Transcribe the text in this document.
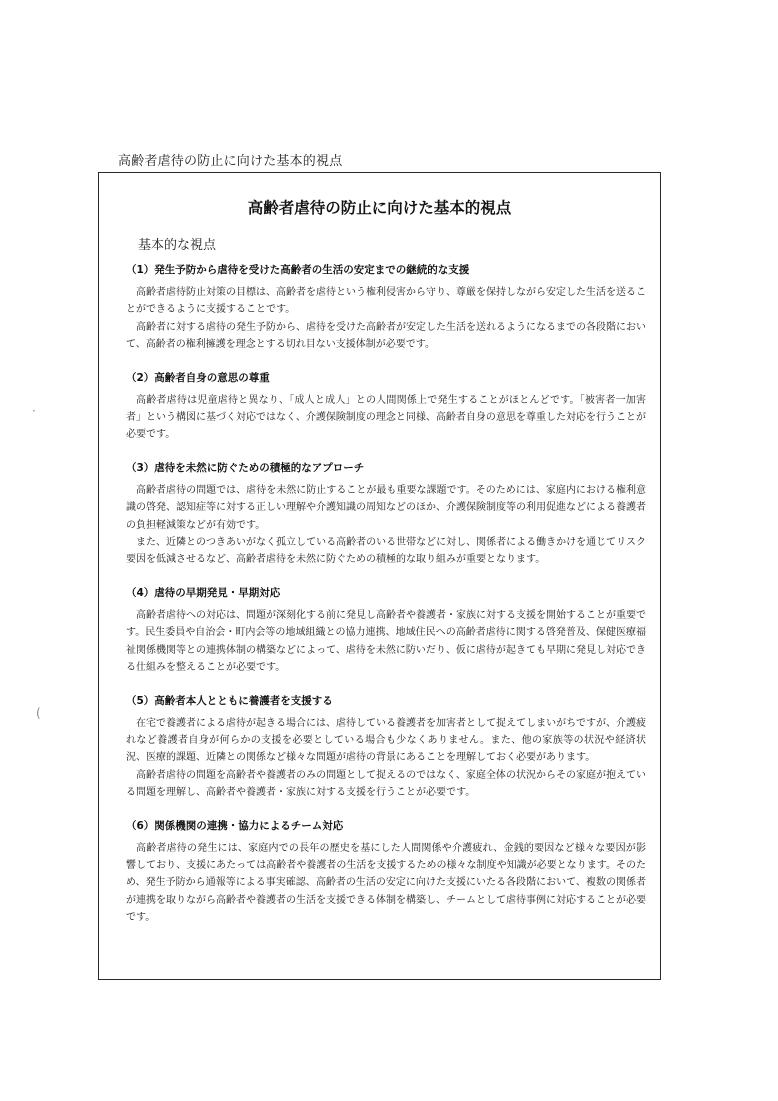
高齢者虐待の防止に向けた基本的視点
高齢者虐待の防止に向けた基本的視点
基本的な視点
（1）発生予防から虐待を受けた高齢者の生活の安定までの継続的な支援

高齢者虐待防止対策の目標は、高齢者を虐待という権利侵害から守り、尊厳を保持しながら安定した生活を送ることができるように支援することです。

高齢者に対する虐待の発生予防から、虐待を受けた高齢者が安定した生活を送れるようになるまでの各段階において、高齢者の権利擁護を理念とする切れ目ない支援体制が必要です。

（2）高齢者自身の意思の尊重

高齢者虐待は児童虐待と異なり、「成人と成人」との人間関係上で発生することがほとんどです。「被害者一加害者」という構図に基づく対応ではなく、介護保険制度の理念と同様、高齢者自身の意思を尊重した対応を行うことが必要です。

（3）虐待を未然に防ぐための積極的なアプローチ

高齢者虐待の問題では、虐待を未然に防止することが最も重要な課題です。そのためには、家庭内における権利意識の啓発、認知症等に対する正しい理解や介護知識の周知などのほか、介護保険制度等の利用促進などによる養護者の負担軽減策などが有効です。

また、近隣とのつきあいがなく孤立している高齢者のいる世帯などに対し、関係者による働きかけを通じてリスク要因を低減させるなど、高齢者虐待を未然に防ぐための積極的な取り組みが重要となります。

（4）虐待の早期発見・早期対応

高齢者虐待への対応は、問題が深刻化する前に発見し高齢者や養護者・家族に対する支援を開始することが重要です。民生委員や自治会・町内会等の地域組織との協力連携、地域住民への高齢者虐待に関する啓発普及、保健医療福祉関係機関等との連携体制の構築などによって、虐待を未然に防いだり、仮に虐待が起きても早期に発見し対応できる仕組みを整えることが必要です。

（5）高齢者本人とともに養護者を支援する

在宅で養護者による虐待が起きる場合には、虐待している養護者を加害者として捉えてしまいがちですが、介護疲れなど養護者自身が何らかの支援を必要としている場合も少なくありません。また、他の家族等の状況や経済状況、医療的課題、近隣との関係など様々な問題が虐待の背景にあることを理解しておく必要があります。

高齢者虐待の問題を高齢者や養護者のみの問題として捉えるのではなく、家庭全体の状況からその家庭が抱えている問題を理解し、高齢者や養護者・家族に対する支援を行うことが必要です。

（6）関係機関の連携・協力によるチーム対応

高齢者虐待の発生には、家庭内での長年の歴史を基にした人間関係や介護疲れ、金銭的要因など様々な要因が影響しており、支援にあたっては高齢者や養護者の生活を支援するための様々な制度や知識が必要となります。そのため、発生予防から通報等による事実確認、高齢者の生活の安定に向けた支援にいたる各段階において、複数の関係者が連携を取りながら高齢者や養護者の生活を支援できる体制を構築し、チームとして虐待事例に対応することが必要です。

·
(
